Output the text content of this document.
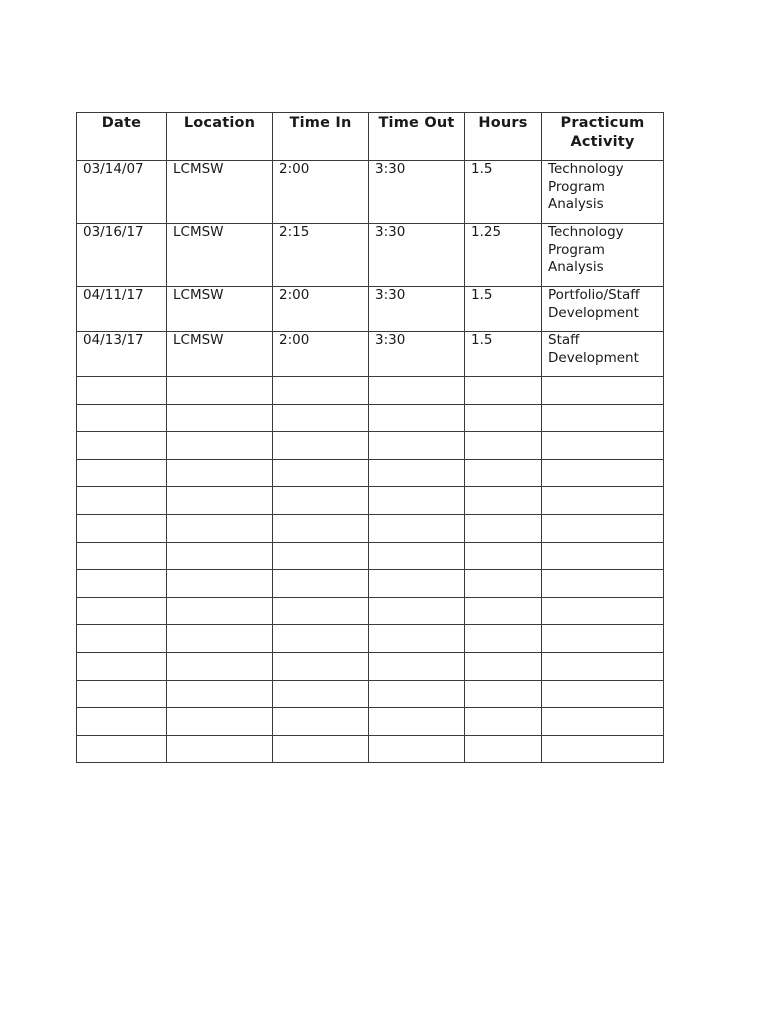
Date	Location	Time In	Time Out	Hours	Practicum Activity

03/14/07	LCMSW	2:00	3:30	1.5	Technology Program Analysis

03/16/17	LCMSW	2:15	3:30	1.25	Technology Program Analysis

04/11/17	LCMSW	2:00	3:30	1.5	Portfolio/Staff Development

04/13/17	LCMSW	2:00	3:30	1.5	Staff Development
